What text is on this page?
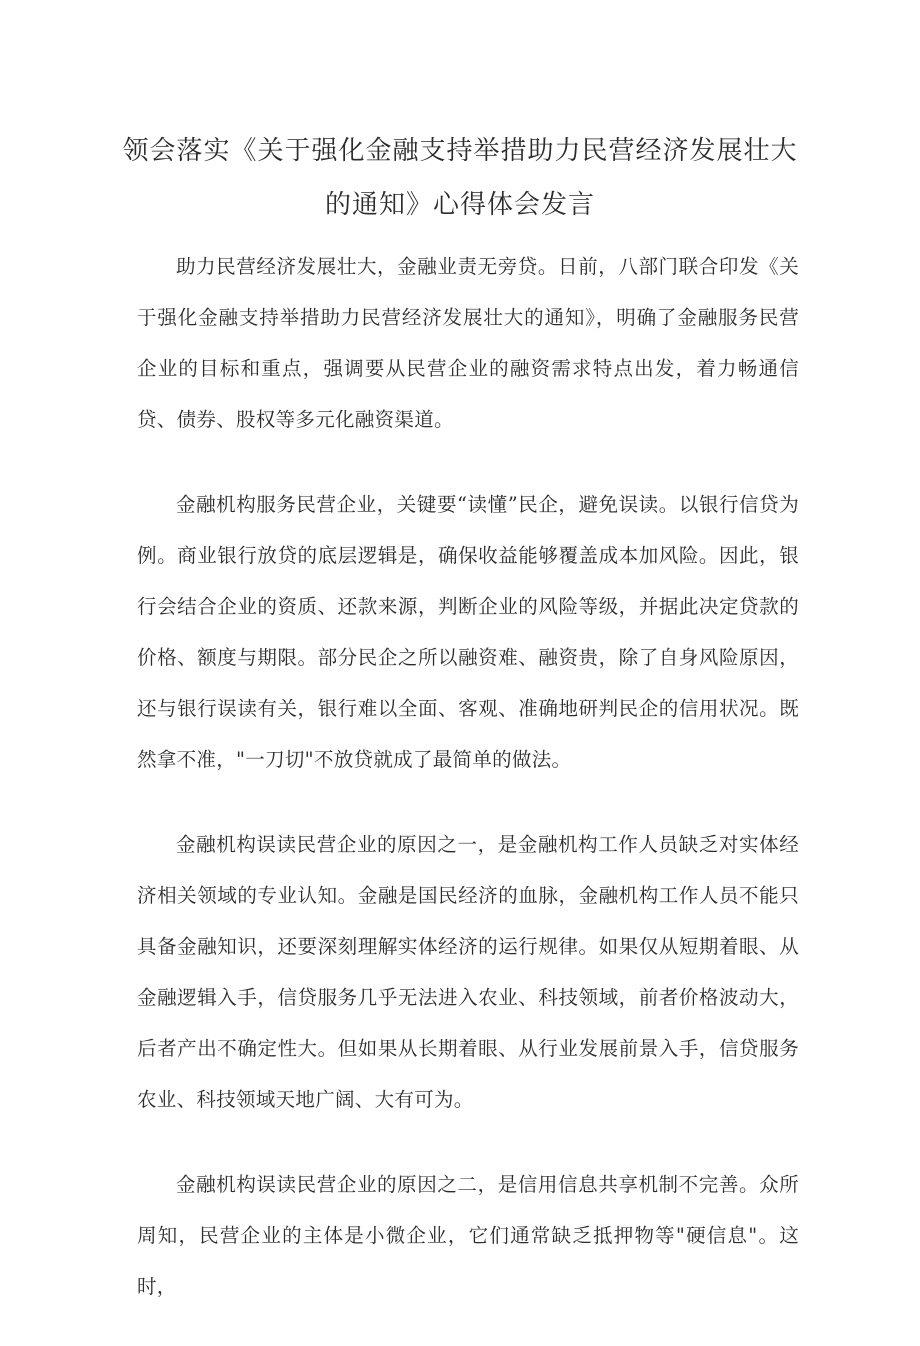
领会落实《关于强化金融支持举措助力民营经济发展壮大
的通知》心得体会发言

助力民营经济发展壮大，金融业责无旁贷。日前，八部门联合印发《关于强化金融支持举措助力民营经济发展壮大的通知》，明确了金融服务民营企业的目标和重点，强调要从民营企业的融资需求特点出发，着力畅通信贷、债券、股权等多元化融资渠道。

金融机构服务民营企业，关键要“读懂”民企，避免误读。以银行信贷为例。商业银行放贷的底层逻辑是，确保收益能够覆盖成本加风险。因此，银行会结合企业的资质、还款来源，判断企业的风险等级，并据此决定贷款的价格、额度与期限。部分民企之所以融资难、融资贵，除了自身风险原因，还与银行误读有关，银行难以全面、客观、准确地研判民企的信用状况。既然拿不准，"一刀切"不放贷就成了最简单的做法。

金融机构误读民营企业的原因之一，是金融机构工作人员缺乏对实体经济相关领域的专业认知。金融是国民经济的血脉，金融机构工作人员不能只具备金融知识，还要深刻理解实体经济的运行规律。如果仅从短期着眼、从金融逻辑入手，信贷服务几乎无法进入农业、科技领域，前者价格波动大，后者产出不确定性大。但如果从长期着眼、从行业发展前景入手，信贷服务农业、科技领域天地广阔、大有可为。

金融机构误读民营企业的原因之二，是信用信息共享机制不完善。众所周知，民营企业的主体是小微企业，它们通常缺乏抵押物等"硬信息"。这时，
